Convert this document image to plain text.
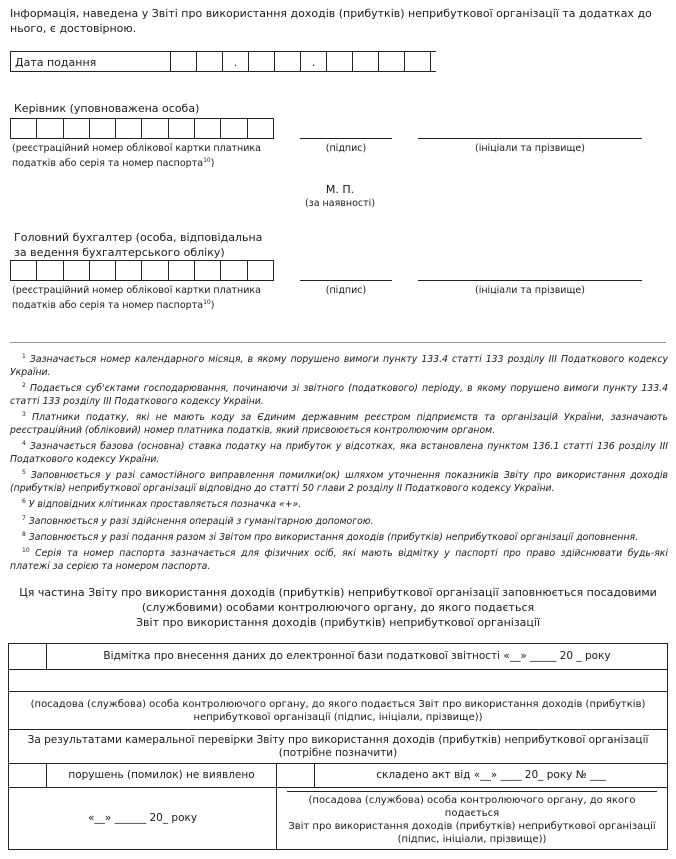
Інформація, наведена у Звіті про використання доходів (прибутків) неприбуткової організації та додатках до нього, є достовірною.
Дата подання	.	.
Керівник (уповноважена особа)
(реєстраційний номер облікової картки платника
податків або серія та номер паспорта$^{10}$)
(підпис)	(ініціали та прізвище)
М. П.
(за наявності)
Головний бухгалтер (особа, відповідальна
за ведення бухгалтерського обліку)
(реєстраційний номер облікової картки платника
податків або серія та номер паспорта$^{10}$)
(підпис)	(ініціали та прізвище)

$^1$ Зазначається номер календарного місяця, в якому порушено вимоги пункту 133.4 статті 133 розділу III Податкового кодексу України.

$^2$ Подається суб'єктами господарювання, починаючи зі звітного (податкового) періоду, в якому порушено вимоги пункту 133.4 статті 133 розділу III Податкового кодексу України.

$^3$ Платники податку, які не мають коду за Єдиним державним реєстром підприємств та організацій України, зазначають реєстраційний (обліковий) номер платника податків, який присвоюється контролюючим органом.

$^4$ Зазначається базова (основна) ставка податку на прибуток у відсотках, яка встановлена пунктом 136.1 статті 136 розділу III Податкового кодексу України.

$^5$ Заповнюється у разі самостійного виправлення помилки(ок) шляхом уточнення показників Звіту про використання доходів (прибутків) неприбуткової організації відповідно до статті 50 глави 2 розділу II Податкового кодексу України.

$^6$ У відповідних клітинках проставляється позначка «+».

$^7$ Заповнюється у разі здійснення операцій з гуманітарною допомогою.

$^8$ Заповнюється у разі подання разом зі Звітом про використання доходів (прибутків) неприбуткової організації доповнення.

$^{10}$ Серія та номер паспорта зазначається для фізичних осіб, які мають відмітку у паспорті про право здійснювати будь-які платежі за серією та номером паспорта.

Ця частина Звіту про використання доходів (прибутків) неприбуткової організації заповнюється посадовими
(службовими) особами контролюючого органу, до якого подається
Звіт про використання доходів (прибутків) неприбуткової організації
	Відмітка про внесення даних до електронної бази податкової звітності «__» _____ 20 _ року		

(посадова (службова) особа контролюючого органу, до якого подається Звіт про використання доходів (прибутків)
неприбуткової організації (підпис, ініціали, прізвище))			

За результатами камеральної перевірки Звіту про використання доходів (прибутків) неприбуткової організації
(потрібне позначити)			

	порушень (помилок) не виявлено		складено акт від «__» ____ 20_ року № ___
«__» ______ 20_ року		(посадова (службова) особа контролюючого органу, до якого подається
Звіт про використання доходів (прибутків) неприбуткової організації
(підпис, ініціали, прізвище))	
